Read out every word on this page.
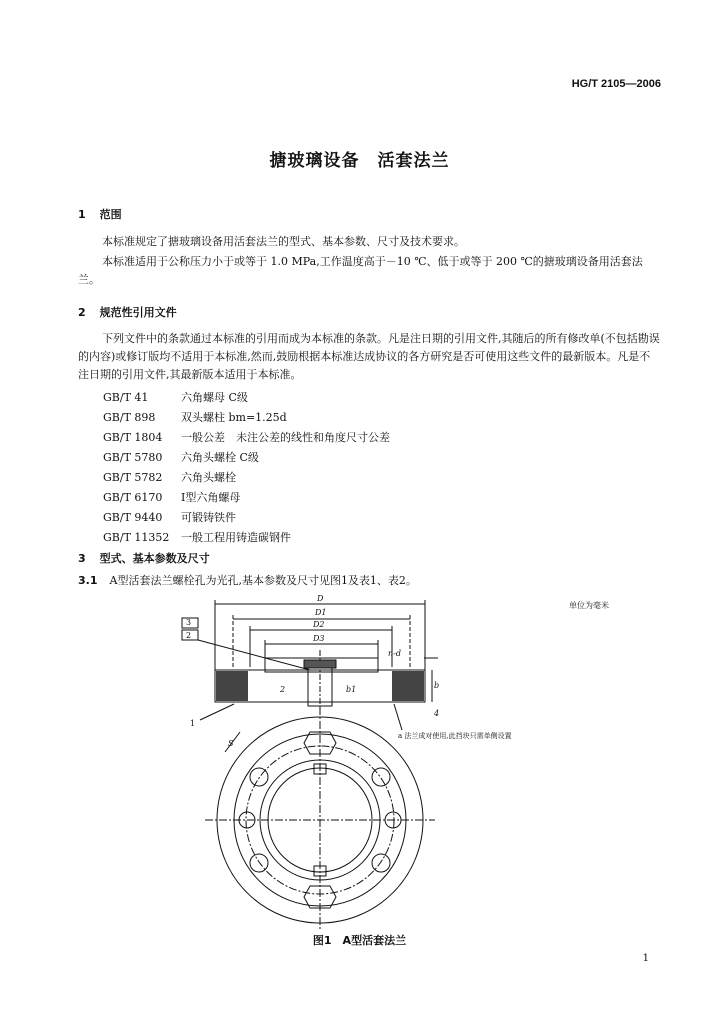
HG/T 2105—2006
搪玻璃设备　活套法兰
1 范围
本标准规定了搪玻璃设备用活套法兰的型式、基本参数、尺寸及技术要求。
本标准适用于公称压力小于或等于 1.0 MPa,工作温度高于－10 ℃、低于或等于 200 ℃的搪玻璃设备用活套法兰。
2 规范性引用文件
下列文件中的条款通过本标准的引用而成为本标准的条款。凡是注日期的引用文件,其随后的所有修改单(不包括勘误的内容)或修订版均不适用于本标准,然而,鼓励根据本标准达成协议的各方研究是否可使用这些文件的最新版本。凡是不注日期的引用文件,其最新版本适用于本标准。
GB/T 41	六角螺母 C级
GB/T 898 双头螺柱 bm=1.25d
GB/T 1804 一般公差　未注公差的线性和角度尺寸公差
GB/T 5780 六角头螺栓 C级
GB/T 5782 六角头螺栓
GB/T 6170 Ⅰ型六角螺母
GB/T 9440 可锻铸铁件
GB/T 11352 一般工程用铸造碳钢件
3 型式、基本参数及尺寸
3.1 A型活套法兰螺栓孔为光孔,基本参数及尺寸见图1及表1、表2。
单位为毫米
D
D1
D2
D3
n-d
b
b1
2
4
S
3
2
1
a 法兰成对使用,此挡块只需单侧设置
图1　A型活套法兰
1
